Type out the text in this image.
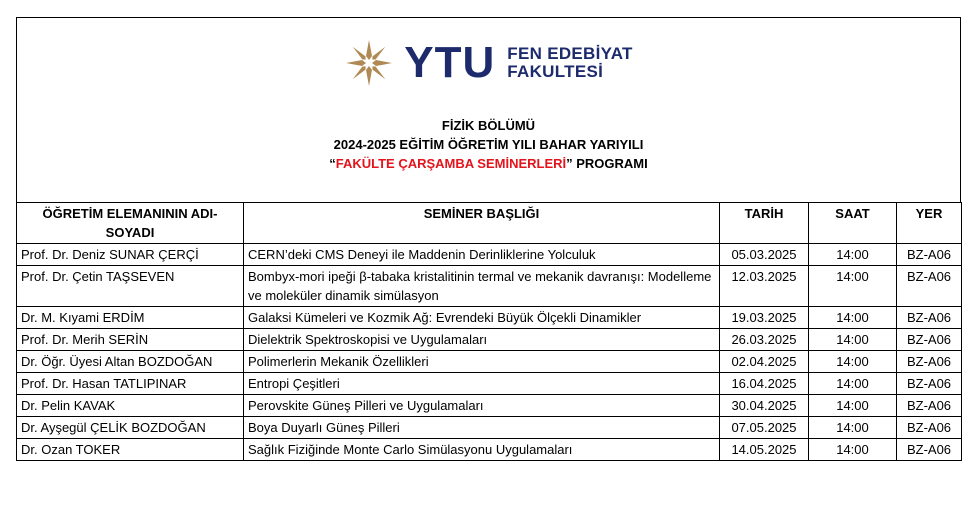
YTU FEN EDEBİYAT
FAKULTESİ
FİZİK BÖLÜMÜ
2024-2025 EĞİTİM ÖĞRETİM YILI BAHAR YARIYILI
“FAKÜLTE ÇARŞAMBA SEMİNERLERİ” PROGRAMI
ÖĞRETİM ELEMANININ ADI-SOYADI	SEMİNER BAŞLIĞI	TARİH	SAAT	YER
Prof. Dr. Deniz SUNAR ÇERÇİ	CERN’deki CMS Deneyi ile Maddenin Derinliklerine Yolculuk	05.03.2025	14:00	BZ-A06
Prof. Dr. Çetin TAŞSEVEN	Bombyx-mori ipeği β-tabaka kristalitinin termal ve mekanik davranışı: Modelleme ve moleküler dinamik simülasyon	12.03.2025	14:00	BZ-A06
Dr. M. Kıyami ERDİM	Galaksi Kümeleri ve Kozmik Ağ: Evrendeki Büyük Ölçekli Dinamikler	19.03.2025	14:00	BZ-A06
Prof. Dr. Merih SERİN	Dielektrik Spektroskopisi ve Uygulamaları	26.03.2025	14:00	BZ-A06
Dr. Öğr. Üyesi Altan BOZDOĞAN	Polimerlerin Mekanik Özellikleri	02.04.2025	14:00	BZ-A06
Prof. Dr. Hasan TATLIPINAR	Entropi Çeşitleri	16.04.2025	14:00	BZ-A06
Dr. Pelin KAVAK	Perovskite Güneş Pilleri ve Uygulamaları	30.04.2025	14:00	BZ-A06
Dr. Ayşegül ÇELİK BOZDOĞAN	Boya Duyarlı Güneş Pilleri	07.05.2025	14:00	BZ-A06
Dr. Ozan TOKER	Sağlık Fiziğinde Monte Carlo Simülasyonu Uygulamaları	14.05.2025	14:00	BZ-A06
